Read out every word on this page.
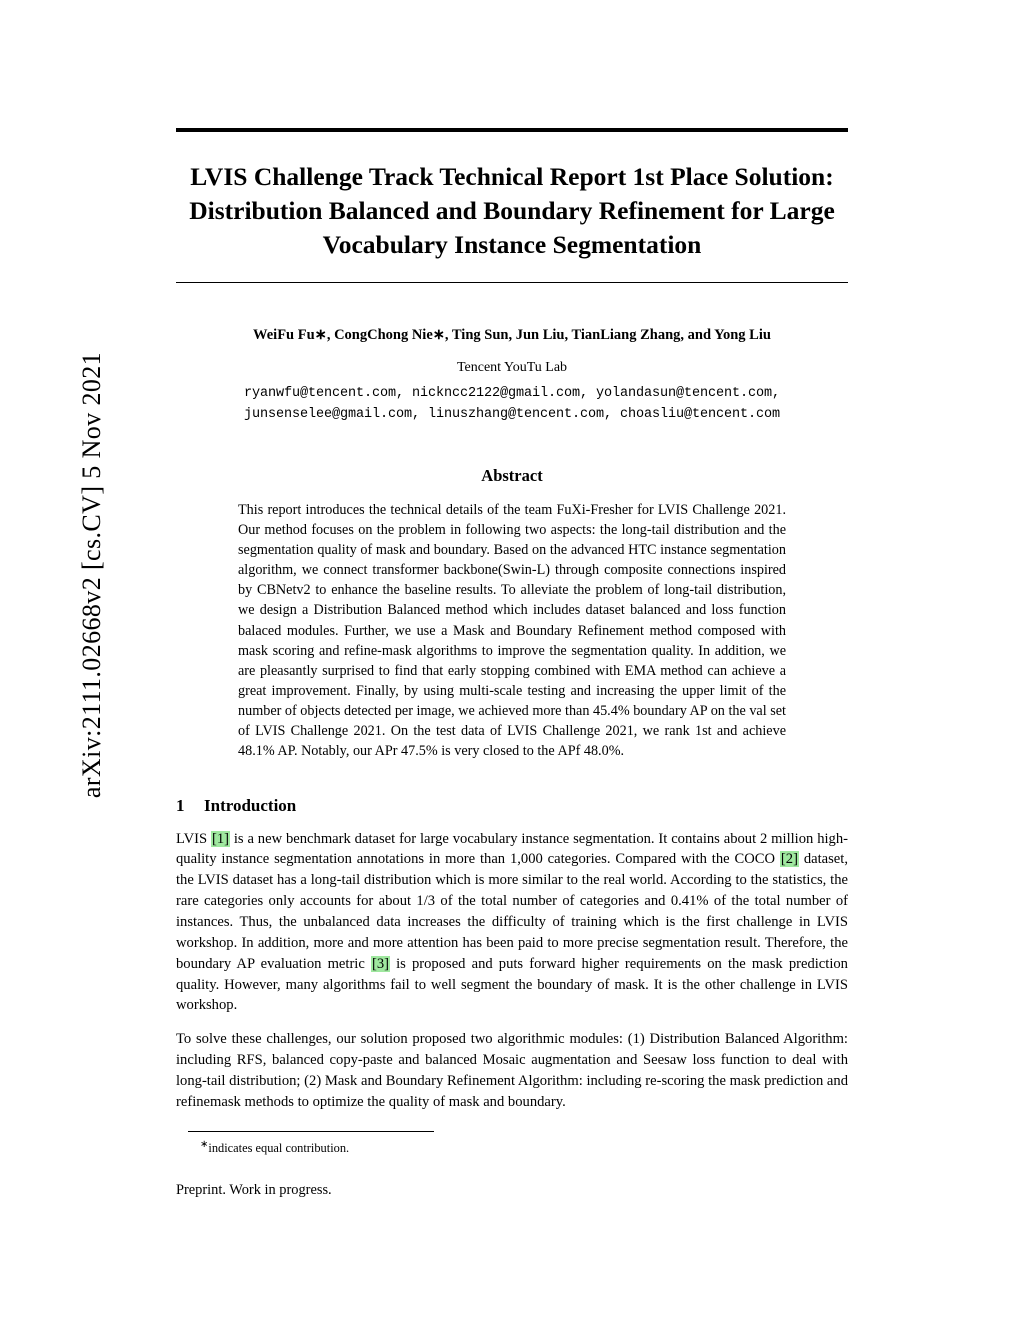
arXiv:2111.02668v2 [cs.CV] 5 Nov 2021
LVIS Challenge Track Technical Report 1st Place Solution: Distribution Balanced and Boundary Refinement for Large Vocabulary Instance Segmentation
WeiFu Fu∗, CongChong Nie∗, Ting Sun, Jun Liu, TianLiang Zhang, and Yong Liu
Tencent YouTu Lab
ryanwfu@tencent.com, nickncc2122@gmail.com, yolandasun@tencent.com,
junsenselee@gmail.com, linuszhang@tencent.com, choasliu@tencent.com
Abstract
This report introduces the technical details of the team FuXi-Fresher for LVIS Challenge 2021. Our method focuses on the problem in following two aspects: the long-tail distribution and the segmentation quality of mask and boundary. Based on the advanced HTC instance segmentation algorithm, we connect transformer backbone(Swin-L) through composite connections inspired by CBNetv2 to enhance the baseline results. To alleviate the problem of long-tail distribution, we design a Distribution Balanced method which includes dataset balanced and loss function balaced modules. Further, we use a Mask and Boundary Refinement method composed with mask scoring and refine-mask algorithms to improve the segmentation quality. In addition, we are pleasantly surprised to find that early stopping combined with EMA method can achieve a great improvement. Finally, by using multi-scale testing and increasing the upper limit of the number of objects detected per image, we achieved more than 45.4% boundary AP on the val set of LVIS Challenge 2021. On the test data of LVIS Challenge 2021, we rank 1st and achieve 48.1% AP. Notably, our APr 47.5% is very closed to the APf 48.0%.
1 Introduction
LVIS [1] is a new benchmark dataset for large vocabulary instance segmentation. It contains about 2 million high-quality instance segmentation annotations in more than 1,000 categories. Compared with the COCO [2] dataset, the LVIS dataset has a long-tail distribution which is more similar to the real world. According to the statistics, the rare categories only accounts for about 1/3 of the total number of categories and 0.41% of the total number of instances. Thus, the unbalanced data increases the difficulty of training which is the first challenge in LVIS workshop. In addition, more and more attention has been paid to more precise segmentation result. Therefore, the boundary AP evaluation metric [3] is proposed and puts forward higher requirements on the mask prediction quality. However, many algorithms fail to well segment the boundary of mask. It is the other challenge in LVIS workshop.
To solve these challenges, our solution proposed two algorithmic modules: (1) Distribution Balanced Algorithm: including RFS, balanced copy-paste and balanced Mosaic augmentation and Seesaw loss function to deal with long-tail distribution; (2) Mask and Boundary Refinement Algorithm: including re-scoring the mask prediction and refinemask methods to optimize the quality of mask and boundary.
∗indicates equal contribution.
Preprint. Work in progress.
